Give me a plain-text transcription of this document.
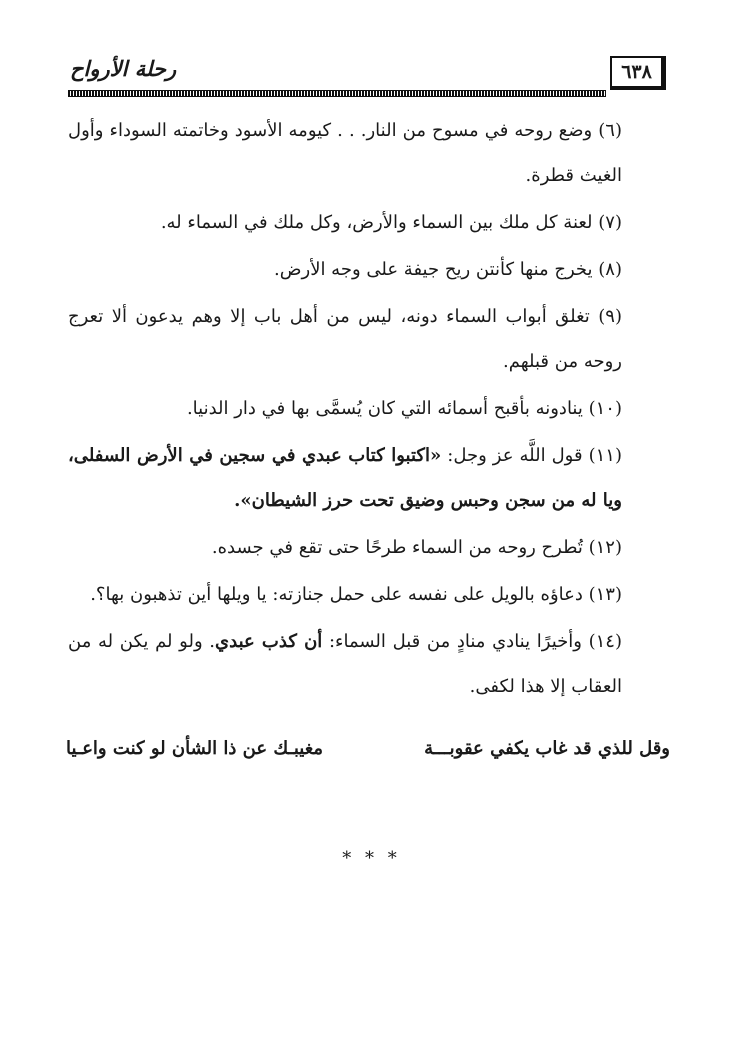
٦٣٨
رحلة الأرواح

(٦) وضع روحه في مسوح من النار. . . كيومه الأسود وخاتمته السوداء وأول الغيث قطرة.

(٧) لعنة كل ملك بين السماء والأرض، وكل ملك في السماء له.

(٨) يخرج منها كأنتن ريح جيفة على وجه الأرض.

(٩) تغلق أبواب السماء دونه، ليس من أهل باب إلا وهم يدعون ألا تعرج روحه من قبلهم.

(١٠) ينادونه بأقبح أسمائه التي كان يُسمَّى بها في دار الدنيا.

(١١) قول اللَّه عز وجل: «اكتبوا كتاب عبدي في سجين في الأرض السفلى، ويا له من سجن وحبس وضيق تحت حرز الشيطان».

(١٢) تُطرح روحه من السماء طرحًا حتى تقع في جسده.

(١٣) دعاؤه بالويل على نفسه على حمل جنازته: يا ويلها أين تذهبون بها؟.

(١٤) وأخيرًا ينادي منادٍ من قبل السماء: أن كذب عبدي. ولو لم يكن له من العقاب إلا هذا لكفى.

وقل للذي قد غاب يكفي عقوبـــة
مغيبـك عن ذا الشأن لو كنت واعـيا
* * *
